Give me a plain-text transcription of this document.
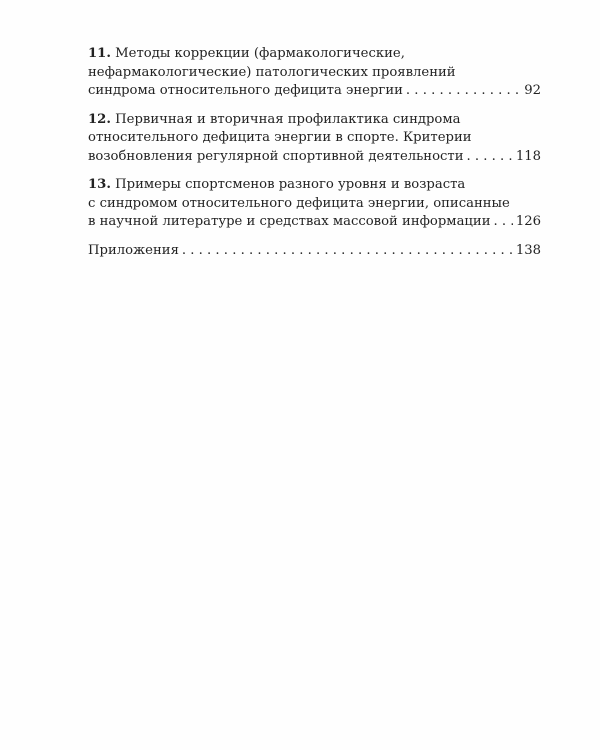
11. Методы коррекции (фармакологические,
нефармакологические) патологических проявлений
синдрома относительного дефицита энергии . . .	92
12. Первичная и вторичная профилактика синдрома
относительного дефицита энергии в спорте. Критерии
возобновления регулярной спортивной деятельности . . .	118
13. Примеры спортсменов разного уровня и возраста
с синдромом относительного дефицита энергии, описанные
в научной литературе и средствах массовой информации . . . 126
Приложения . . .	138
